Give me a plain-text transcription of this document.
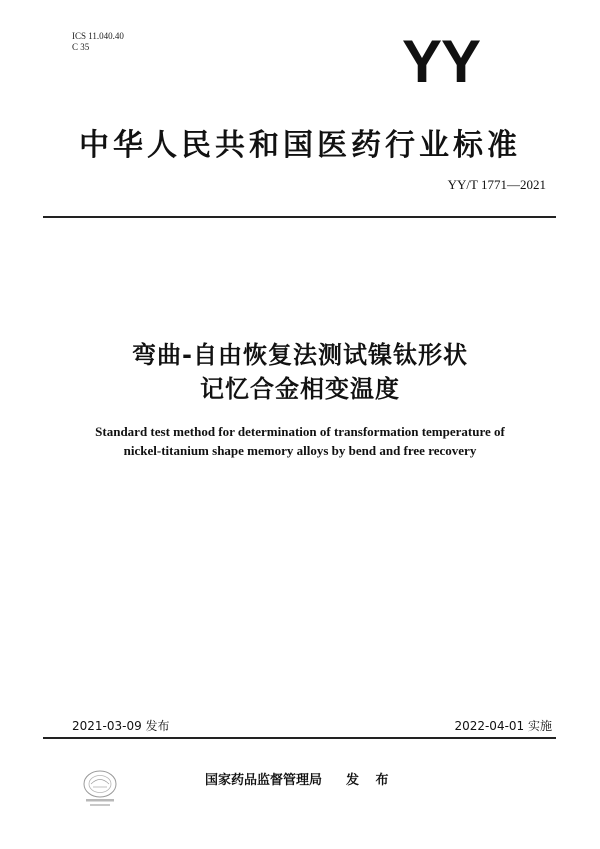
ICS 11.040.40
C 35	YY
中华人民共和国医药行业标准
YY/T 1771—2021
弯曲-自由恢复法测试镍钛形状
记忆合金相变温度
Standard test method for determination of transformation temperature of
nickel-titanium shape memory alloys by bend and free recovery
2021-03-09 发布	2022-04-01 实施
国家药品监督管理局 发 布
